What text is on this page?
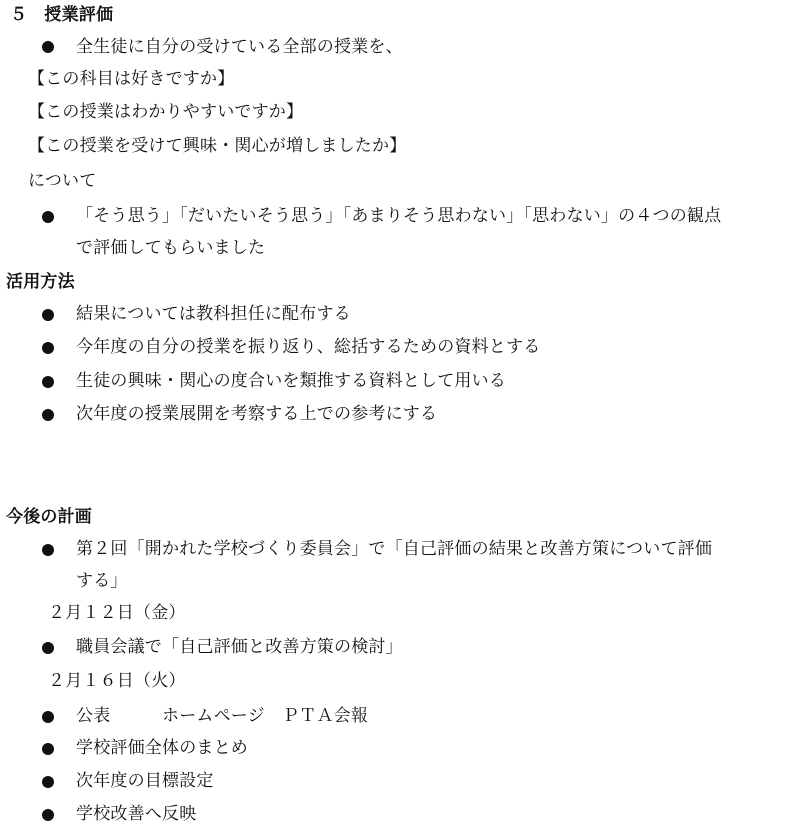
５　授業評価
全生徒に自分の受けている全部の授業を、
【この科目は好きですか】
【この授業はわかりやすいですか】
【この授業を受けて興味・関心が増しましたか】
について
「そう思う」「だいたいそう思う」「あまりそう思わない」「思わない」の４つの観点
で評価してもらいました
活用方法
結果については教科担任に配布する
今年度の自分の授業を振り返り、総括するための資料とする
生徒の興味・関心の度合いを類推する資料として用いる
次年度の授業展開を考察する上での参考にする
今後の計画
第２回「開かれた学校づくり委員会」で「自己評価の結果と改善方策について評価
する」
２月１２日（金）
職員会議で「自己評価と改善方策の検討」
２月１６日（火）
公表　　　ホームページ　ＰＴＡ会報
学校評価全体のまとめ
次年度の目標設定
学校改善へ反映
